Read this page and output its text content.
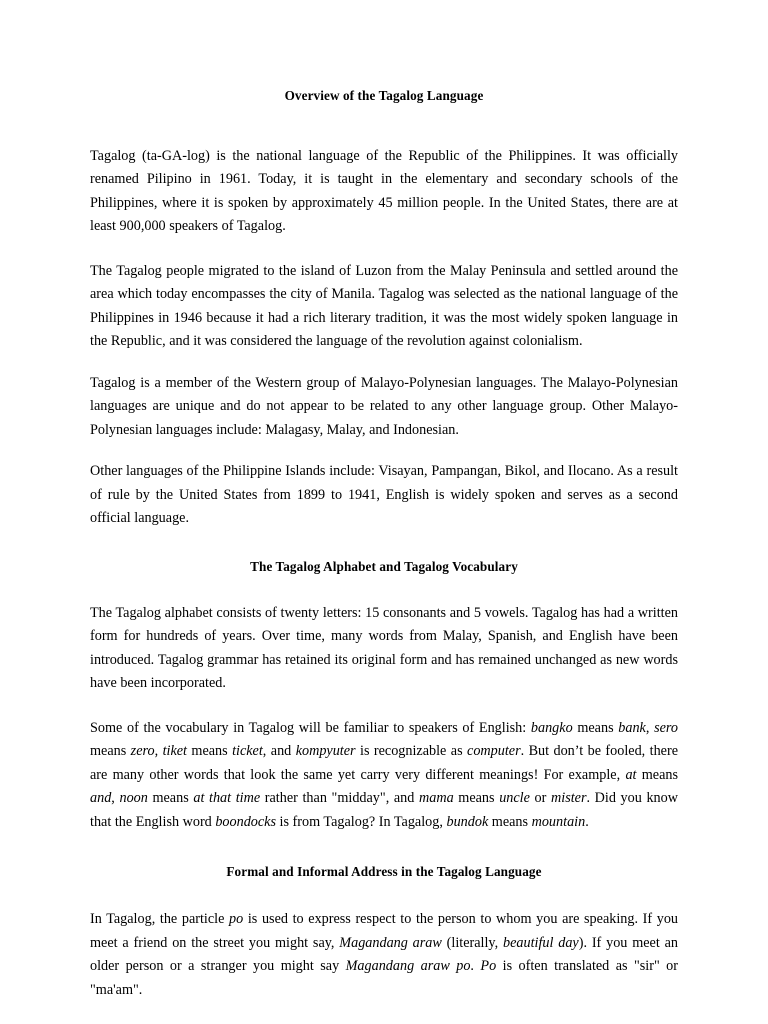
Overview of the Tagalog Language

Tagalog (ta-GA-log) is the national language of the Republic of the Philippines. It was officially renamed Pilipino in 1961. Today, it is taught in the elementary and secondary schools of the Philippines, where it is spoken by approximately 45 million people. In the United States, there are at least 900,000 speakers of Tagalog.

The Tagalog people migrated to the island of Luzon from the Malay Peninsula and settled around the area which today encompasses the city of Manila. Tagalog was selected as the national language of the Philippines in 1946 because it had a rich literary tradition, it was the most widely spoken language in the Republic, and it was considered the language of the revolution against colonialism.

Tagalog is a member of the Western group of Malayo-Polynesian languages. The Malayo-Polynesian languages are unique and do not appear to be related to any other language group. Other Malayo-Polynesian languages include: Malagasy, Malay, and Indonesian.

Other languages of the Philippine Islands include: Visayan, Pampangan, Bikol, and Ilocano. As a result of rule by the United States from 1899 to 1941, English is widely spoken and serves as a second official language.

The Tagalog Alphabet and Tagalog Vocabulary

The Tagalog alphabet consists of twenty letters: 15 consonants and 5 vowels. Tagalog has had a written form for hundreds of years. Over time, many words from Malay, Spanish, and English have been introduced. Tagalog grammar has retained its original form and has remained unchanged as new words have been incorporated.

Some of the vocabulary in Tagalog will be familiar to speakers of English: bangko means bank, sero means zero, tiket means ticket, and kompyuter is recognizable as computer. But don’t be fooled, there are many other words that look the same yet carry very different meanings! For example, at means and, noon means at that time rather than "midday", and mama means uncle or mister. Did you know that the English word boondocks is from Tagalog? In Tagalog, bundok means mountain.

Formal and Informal Address in the Tagalog Language

In Tagalog, the particle po is used to express respect to the person to whom you are speaking. If you meet a friend on the street you might say, Magandang araw (literally, beautiful day). If you meet an older person or a stranger you might say Magandang araw po. Po is often translated as "sir" or "ma'am".
